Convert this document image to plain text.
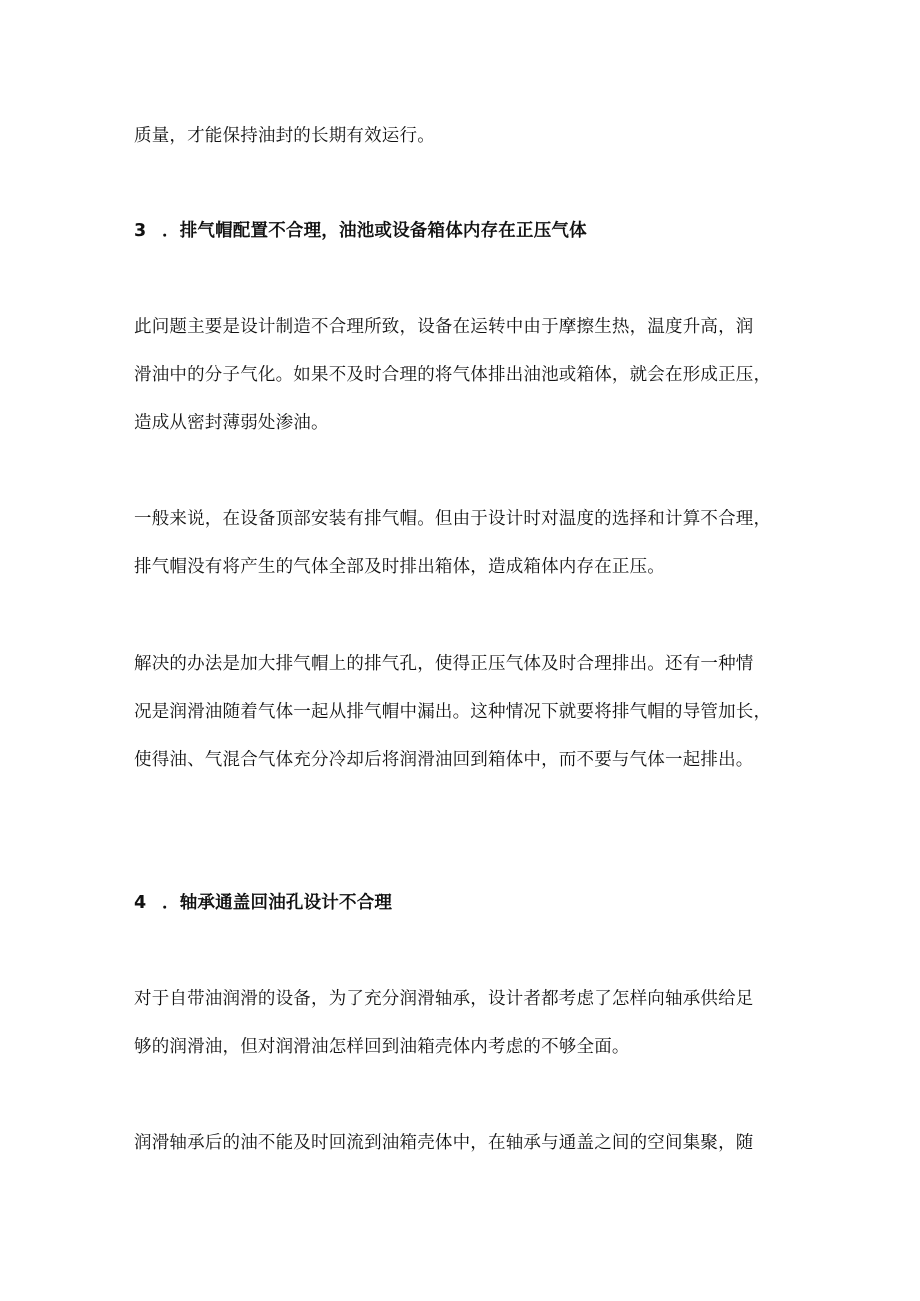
质量，才能保持油封的长期有效运行。
3 ．排气帽配置不合理，油池或设备箱体内存在正压气体
此问题主要是设计制造不合理所致，设备在运转中由于摩擦生热，温度升高，润
滑油中的分子气化。如果不及时合理的将气体排出油池或箱体，就会在形成正压，
造成从密封薄弱处渗油。
一般来说，在设备顶部安装有排气帽。但由于设计时对温度的选择和计算不合理，
排气帽没有将产生的气体全部及时排出箱体，造成箱体内存在正压。
解决的办法是加大排气帽上的排气孔，使得正压气体及时合理排出。还有一种情
况是润滑油随着气体一起从排气帽中漏出。这种情况下就要将排气帽的导管加长，
使得油、气混合气体充分冷却后将润滑油回到箱体中，而不要与气体一起排出。
4 ．轴承通盖回油孔设计不合理
对于自带油润滑的设备，为了充分润滑轴承，设计者都考虑了怎样向轴承供给足
够的润滑油，但对润滑油怎样回到油箱壳体内考虑的不够全面。
润滑轴承后的油不能及时回流到油箱壳体中，在轴承与通盖之间的空间集聚，随
